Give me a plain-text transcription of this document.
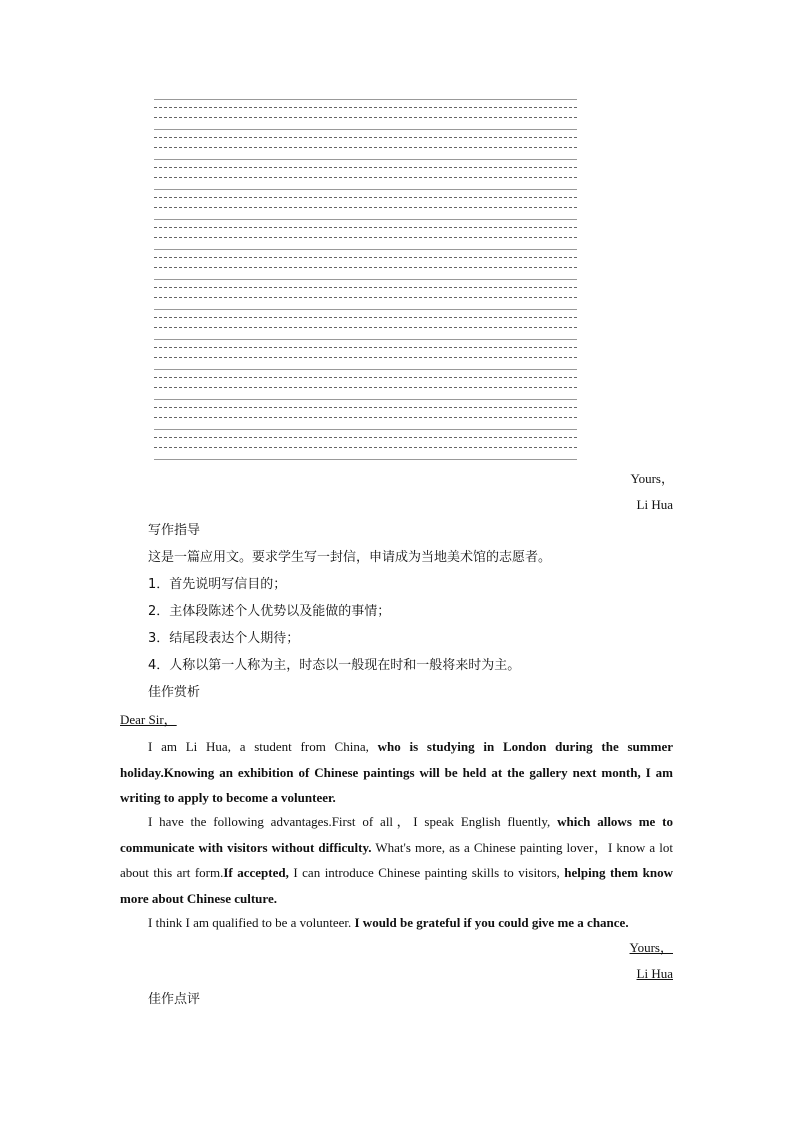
Yours，
Li Hua
写作指导
这是一篇应用文。要求学生写一封信，申请成为当地美术馆的志愿者。
1．首先说明写信目的；
2．主体段陈述个人优势以及能做的事情；
3．结尾段表达个人期待；
4．人称以第一人称为主，时态以一般现在时和一般将来时为主。
佳作赏析
Dear Sir，
I am Li Hua, a student from China, who is studying in London during the summer holiday.Knowing an exhibition of Chinese paintings will be held at the gallery next month, I am writing to apply to become a volunteer.
I have the following advantages.First of all，I speak English fluently, which allows me to communicate with visitors without difficulty. What's more, as a Chinese painting lover，I know a lot about this art form.If accepted, I can introduce Chinese painting skills to visitors, helping them know more about Chinese culture.
I think I am qualified to be a volunteer. I would be grateful if you could give me a chance.
Yours，
Li Hua
佳作点评
